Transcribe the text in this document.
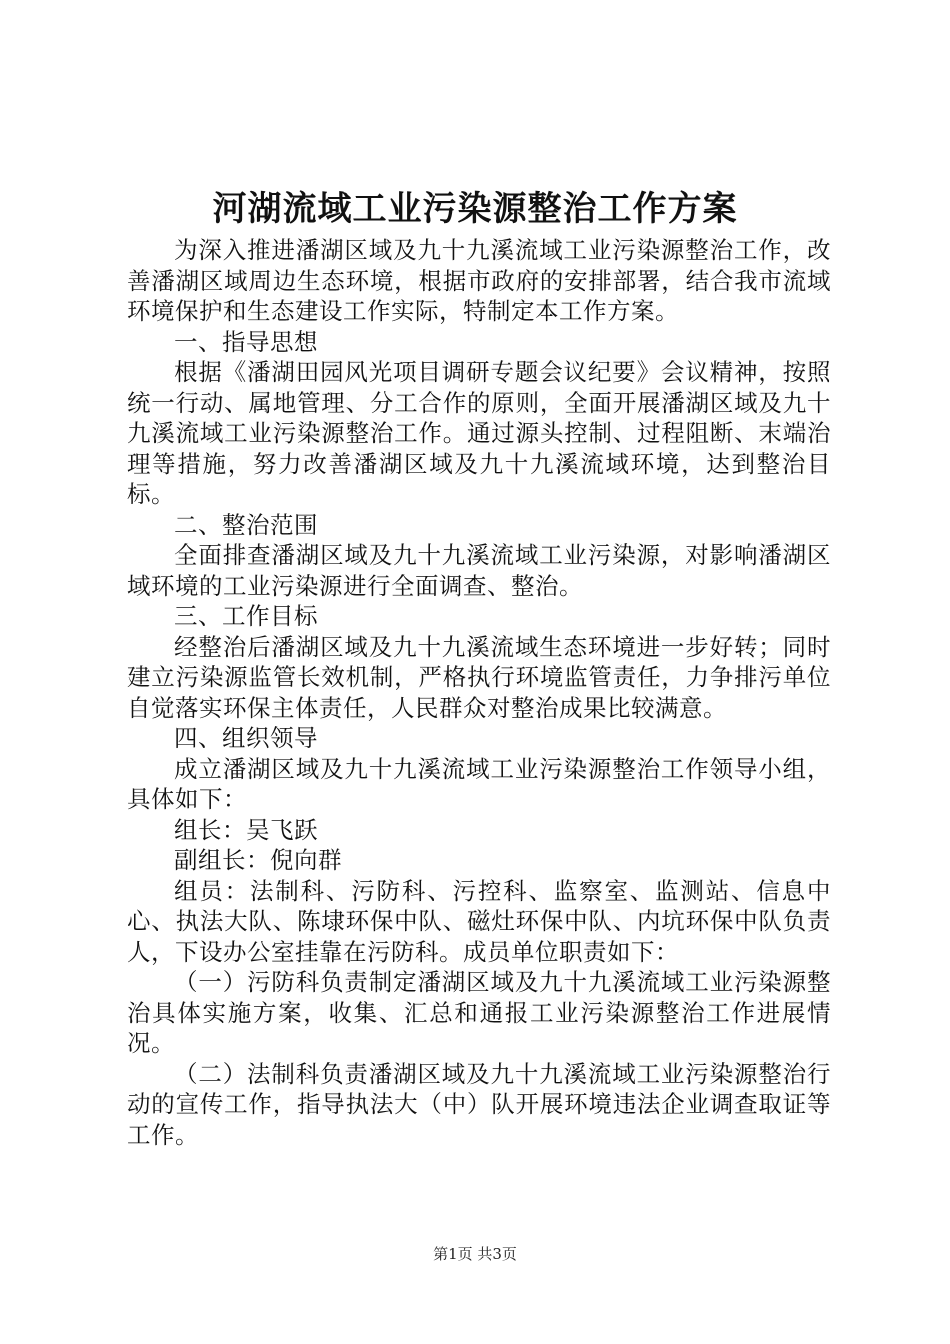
河湖流域工业污染源整治工作方案

为深入推进潘湖区域及九十九溪流域工业污染源整治工作，改善潘湖区域周边生态环境，根据市政府的安排部署，结合我市流域环境保护和生态建设工作实际，特制定本工作方案。

一、指导思想

根据《潘湖田园风光项目调研专题会议纪要》会议精神，按照统一行动、属地管理、分工合作的原则，全面开展潘湖区域及九十九溪流域工业污染源整治工作。通过源头控制、过程阻断、末端治理等措施，努力改善潘湖区域及九十九溪流域环境，达到整治目标。

二、整治范围

全面排查潘湖区域及九十九溪流域工业污染源，对影响潘湖区域环境的工业污染源进行全面调查、整治。

三、工作目标

经整治后潘湖区域及九十九溪流域生态环境进一步好转；同时建立污染源监管长效机制，严格执行环境监管责任，力争排污单位自觉落实环保主体责任，人民群众对整治成果比较满意。

四、组织领导

成立潘湖区域及九十九溪流域工业污染源整治工作领导小组，具体如下：

组长：吴飞跃

副组长：倪向群

组员：法制科、污防科、污控科、监察室、监测站、信息中心、执法大队、陈埭环保中队、磁灶环保中队、内坑环保中队负责人，下设办公室挂靠在污防科。成员单位职责如下：

（一）污防科负责制定潘湖区域及九十九溪流域工业污染源整治具体实施方案，收集、汇总和通报工业污染源整治工作进展情况。

（二）法制科负责潘湖区域及九十九溪流域工业污染源整治行动的宣传工作，指导执法大（中）队开展环境违法企业调查取证等工作。

第1页 共3页
